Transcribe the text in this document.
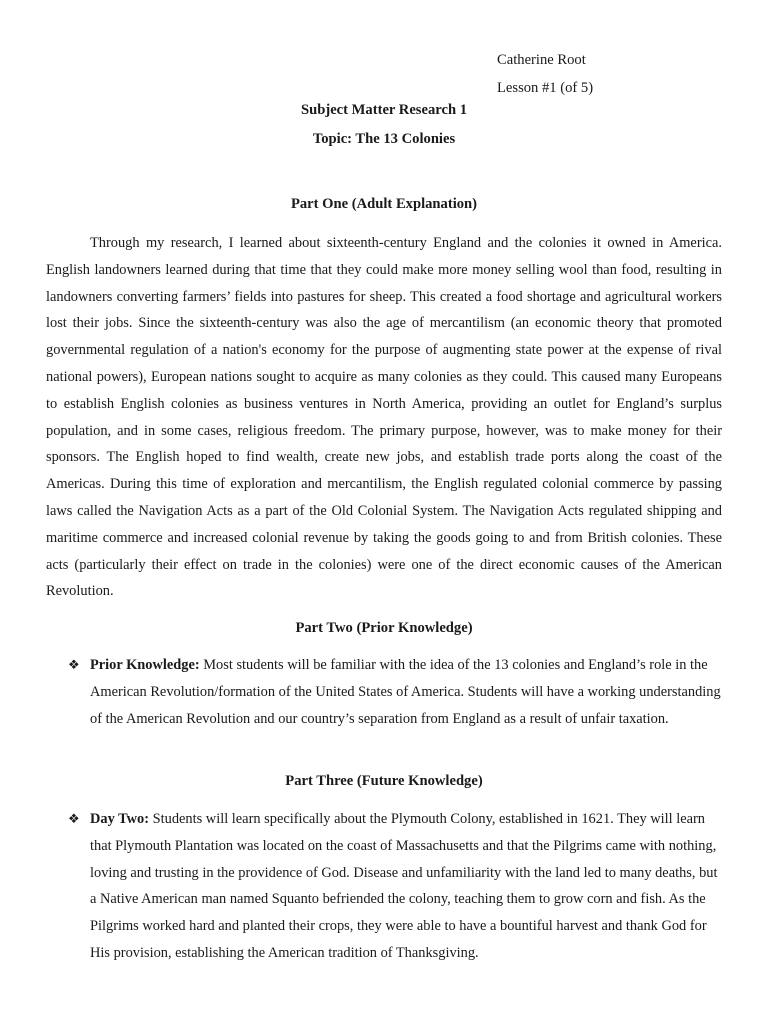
Catherine Root
Lesson #1 (of 5)
Subject Matter Research 1
Topic: The 13 Colonies
Part One (Adult Explanation)

Through my research, I learned about sixteenth-century England and the colonies it owned in America. English landowners learned during that time that they could make more money selling wool than food, resulting in landowners converting farmers’ fields into pastures for sheep. This created a food shortage and agricultural workers lost their jobs. Since the sixteenth-century was also the age of mercantilism (an economic theory that promoted governmental regulation of a nation's economy for the purpose of augmenting state power at the expense of rival national powers), European nations sought to acquire as many colonies as they could. This caused many Europeans to establish English colonies as business ventures in North America, providing an outlet for England’s surplus population, and in some cases, religious freedom. The primary purpose, however, was to make money for their sponsors. The English hoped to find wealth, create new jobs, and establish trade ports along the coast of the Americas. During this time of exploration and mercantilism, the English regulated colonial commerce by passing laws called the Navigation Acts as a part of the Old Colonial System. The Navigation Acts regulated shipping and maritime commerce and increased colonial revenue by taking the goods going to and from British colonies. These acts (particularly their effect on trade in the colonies) were one of the direct economic causes of the American Revolution.

Part Two (Prior Knowledge)
❖ Prior Knowledge: Most students will be familiar with the idea of the 13 colonies and England’s role in the American Revolution/formation of the United States of America. Students will have a working understanding of the American Revolution and our country’s separation from England as a result of unfair taxation.

Part Three (Future Knowledge)
❖ Day Two: Students will learn specifically about the Plymouth Colony, established in 1621. They will learn that Plymouth Plantation was located on the coast of Massachusetts and that the Pilgrims came with nothing, loving and trusting in the providence of God. Disease and unfamiliarity with the land led to many deaths, but a Native American man named Squanto befriended the colony, teaching them to grow corn and fish. As the Pilgrims worked hard and planted their crops, they were able to have a bountiful harvest and thank God for His provision, establishing the American tradition of Thanksgiving.
